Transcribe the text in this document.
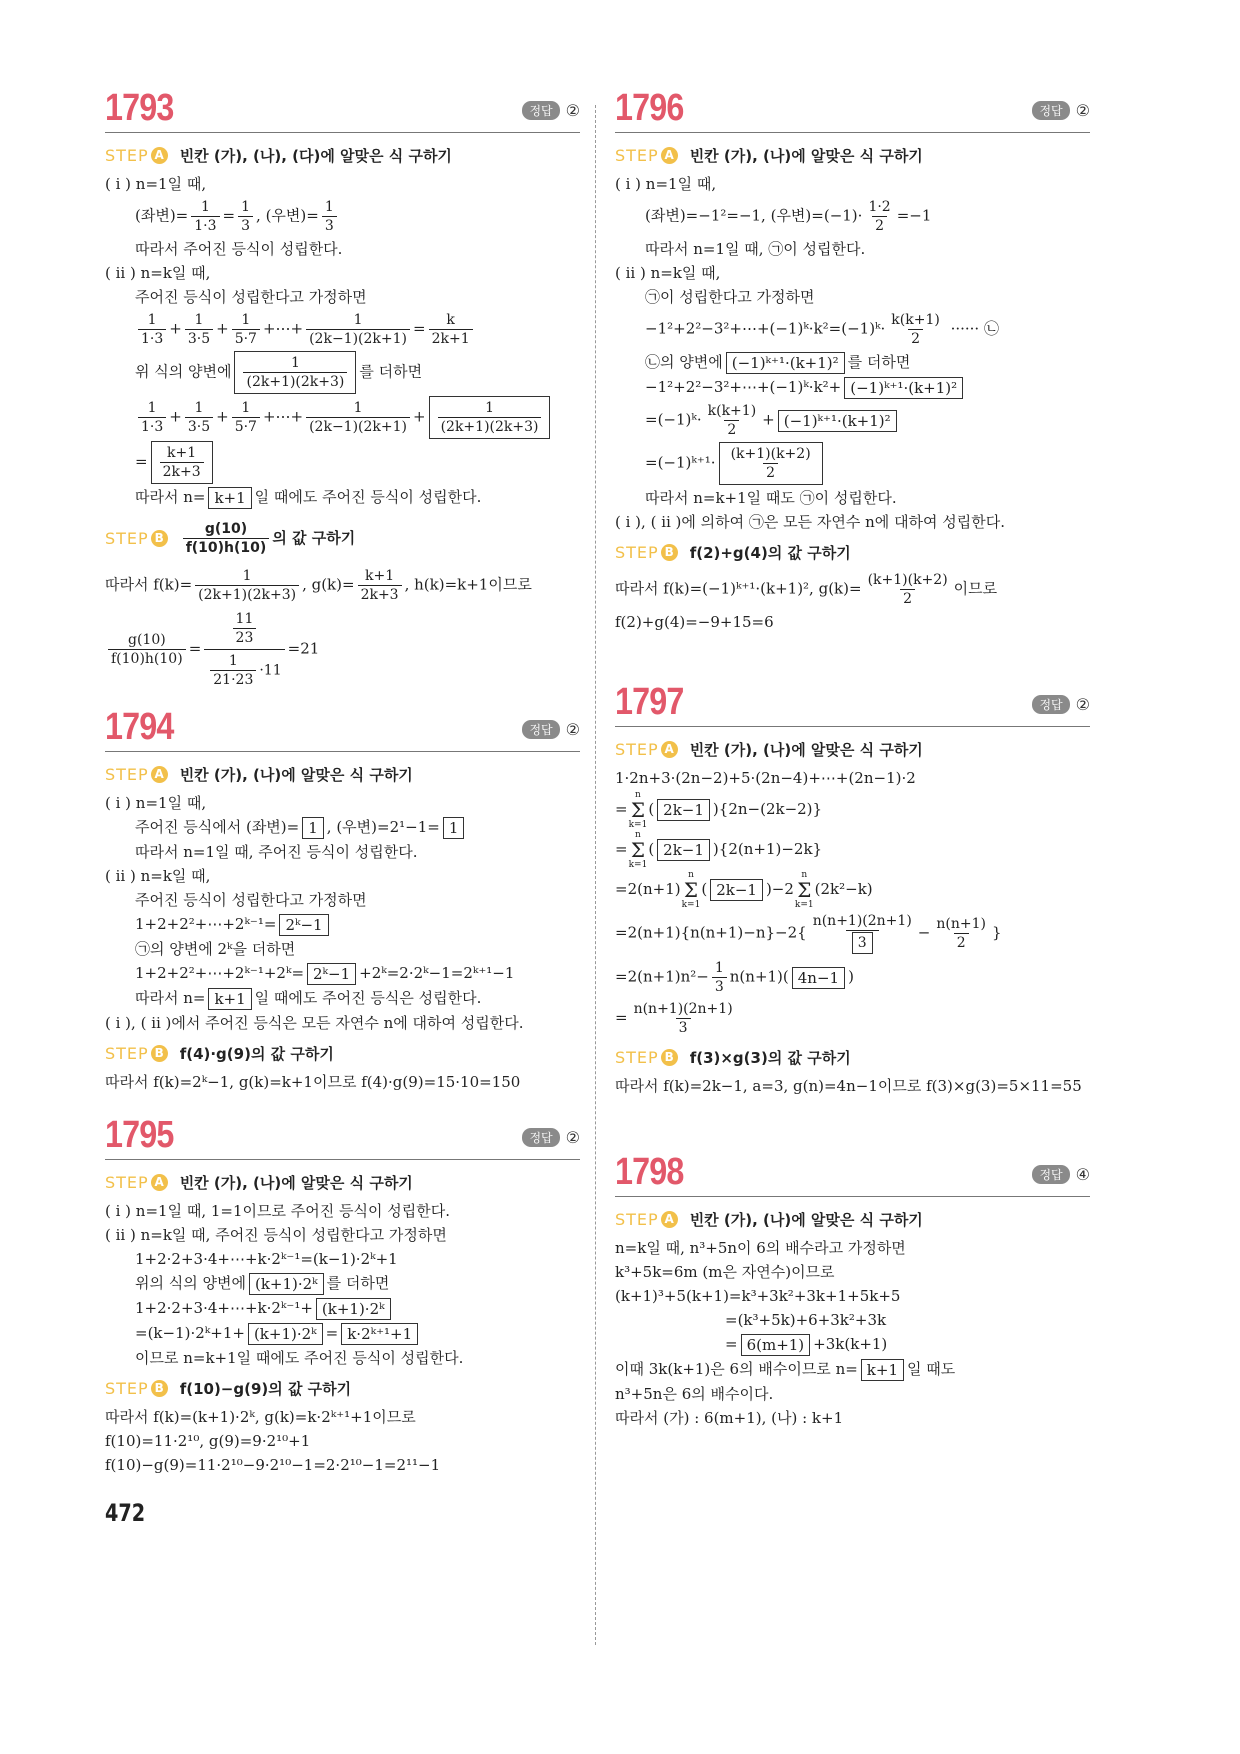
1793	정답 ②
STEP A 빈칸 (가), (나), (다)에 알맞은 식 구하기
( ⅰ ) n=1일 때,
(좌변)= $\frac{1}{1\cdot 3} = \frac{1}{3}$ , (우변)= $\frac{1}{3}$
따라서 주어진 등식이 성립한다.
( ⅱ ) n=k일 때,
주어진 등식이 성립한다고 가정하면
$\frac{1}{1\cdot 3} + \frac{1}{3\cdot 5} + \frac{1}{5\cdot 7}$ +⋯+ $\frac{1}{(2k-1)(2k+1)} = \frac{k}{2k+1}$
위 식의 양변에 $\frac{1}{(2k+1)(2k+3)}$ 를 더하면
$\frac{1}{1\cdot 3} + \frac{1}{3\cdot 5} + \frac{1}{5\cdot 7}$ +⋯+ $\frac{1}{(2k-1)(2k+1)} + \frac{1}{(2k+1)(2k+3)}$
= $\frac{k+1}{2k+3}$
따라서 n= k+1 일 때에도 주어진 등식이 성립한다.
STEP B $\frac{g(10)}{f(10)h(10)}$ 의 값 구하기
따라서 $f(k)= \frac{1}{(2k+1)(2k+3)}$ , $g(k)= \frac{k+1}{2k+3}$ , h(k)=k+1이므로
$\frac{g(10)}{f(10)h(10)} = \frac{\frac{11}{23}}{\frac{1}{21\cdot 23} \cdot 11} =21$
1794	정답 ②
STEP A 빈칸 (가), (나)에 알맞은 식 구하기
( ⅰ ) n=1일 때,
주어진 등식에서 (좌변)= 1 , (우변)=2¹−1= 1
따라서 n=1일 때, 주어진 등식이 성립한다.
( ⅱ ) n=k일 때,
주어진 등식이 성립한다고 가정하면
1+2+2²+⋯+2ᵏ⁻¹= 2ᵏ−1
㉠의 양변에 2ᵏ을 더하면
1+2+2²+⋯+2ᵏ⁻¹+2ᵏ= 2ᵏ−1 +2ᵏ=2·2ᵏ−1=2ᵏ⁺¹−1
따라서 n= k+1 일 때에도 주어진 등식은 성립한다.
( ⅰ ), ( ⅱ )에서 주어진 등식은 모든 자연수 n에 대하여 성립한다.
STEP B f(4)·g(9)의 값 구하기
따라서 f(k)=2ᵏ−1, g(k)=k+1이므로 f(4)·g(9)=15·10=150
1795	정답 ②
STEP A 빈칸 (가), (나)에 알맞은 식 구하기
( ⅰ ) n=1일 때, 1=1이므로 주어진 등식이 성립한다.
( ⅱ ) n=k일 때, 주어진 등식이 성립한다고 가정하면
1+2·2+3·4+⋯+k·2ᵏ⁻¹=(k−1)·2ᵏ+1
위의 식의 양변에 (k+1)·2ᵏ 를 더하면
1+2·2+3·4+⋯+k·2ᵏ⁻¹+ (k+1)·2ᵏ
=(k−1)·2ᵏ+1+ (k+1)·2ᵏ = k·2ᵏ⁺¹+1
이므로 n=k+1일 때에도 주어진 등식이 성립한다.
STEP B f(10)−g(9)의 값 구하기
따라서 f(k)=(k+1)·2ᵏ, g(k)=k·2ᵏ⁺¹+1이므로
f(10)=11·2¹⁰, g(9)=9·2¹⁰+1
f(10)−g(9)=11·2¹⁰−9·2¹⁰−1=2·2¹⁰−1=2¹¹−1
472
1796	정답 ②
STEP A 빈칸 (가), (나)에 알맞은 식 구하기
( ⅰ ) n=1일 때,
(좌변)=−1²=−1, (우변)$=(-1)\cdot \frac{1\cdot 2}{2} =-1$
따라서 n=1일 때, ㉠이 성립한다.
( ⅱ ) n=k일 때,
㉠이 성립한다고 가정하면
−1²+2²−3²+⋯+(−1)ᵏ·k²=(−1)ᵏ· $\frac{k(k+1)}{2}$ ······ ㉡
㉡의 양변에 (−1)ᵏ⁺¹·(k+1)² 를 더하면
−1²+2²−3²+⋯+(−1)ᵏ·k²+ (−1)ᵏ⁺¹·(k+1)²
=(−1)ᵏ· $\frac{k(k+1)}{2}$ + (−1)ᵏ⁺¹·(k+1)²
=(−1)ᵏ⁺¹· $\frac{(k+1)(k+2)}{2}$
따라서 n=k+1일 때도 ㉠이 성립한다.
( ⅰ ), ( ⅱ )에 의하여 ㉠은 모든 자연수 n에 대하여 성립한다.
STEP B f(2)+g(4)의 값 구하기
따라서 f(k)=(−1)ᵏ⁺¹·(k+1)², $g(k)= \frac{(k+1)(k+2)}{2}$ 이므로
f(2)+g(4)=−9+15=6
1797	정답 ②
STEP A 빈칸 (가), (나)에 알맞은 식 구하기
1·2n+3·(2n−2)+5·(2n−4)+⋯+(2n−1)·2
=
n
Σ
k=1
( 2k−1 ){2n−(2k−2)}
=
n
Σ
k=1
( 2k−1 ){2(n+1)−2k}
=2(n+1)
n
Σ
k=1
( 2k−1 )−2
n
Σ
k=1
(2k²−k)
$=2(n+1)\{n(n+1)-n\}-2\{ \frac{n(n+1)(2n+1)}{3} - \frac{n(n+1)}{2}$ }
$=2(n+1)n^2- \frac{1}{3} n(n+1)$( 4n−1 )
= $\frac{n(n+1)(2n+1)}{3}$
STEP B f(3)×g(3)의 값 구하기
따라서 f(k)=2k−1, a=3, g(n)=4n−1이므로 f(3)×g(3)=5×11=55
1798	정답 ④
STEP A 빈칸 (가), (나)에 알맞은 식 구하기
n=k일 때, n³+5n이 6의 배수라고 가정하면
k³+5k=6m (m은 자연수)이므로
(k+1)³+5(k+1)=k³+3k²+3k+1+5k+5
=(k³+5k)+6+3k²+3k
= 6(m+1) +3k(k+1)
이때 3k(k+1)은 6의 배수이므로 n= k+1 일 때도
n³+5n은 6의 배수이다.
따라서 (가) : 6(m+1), (나) : k+1
